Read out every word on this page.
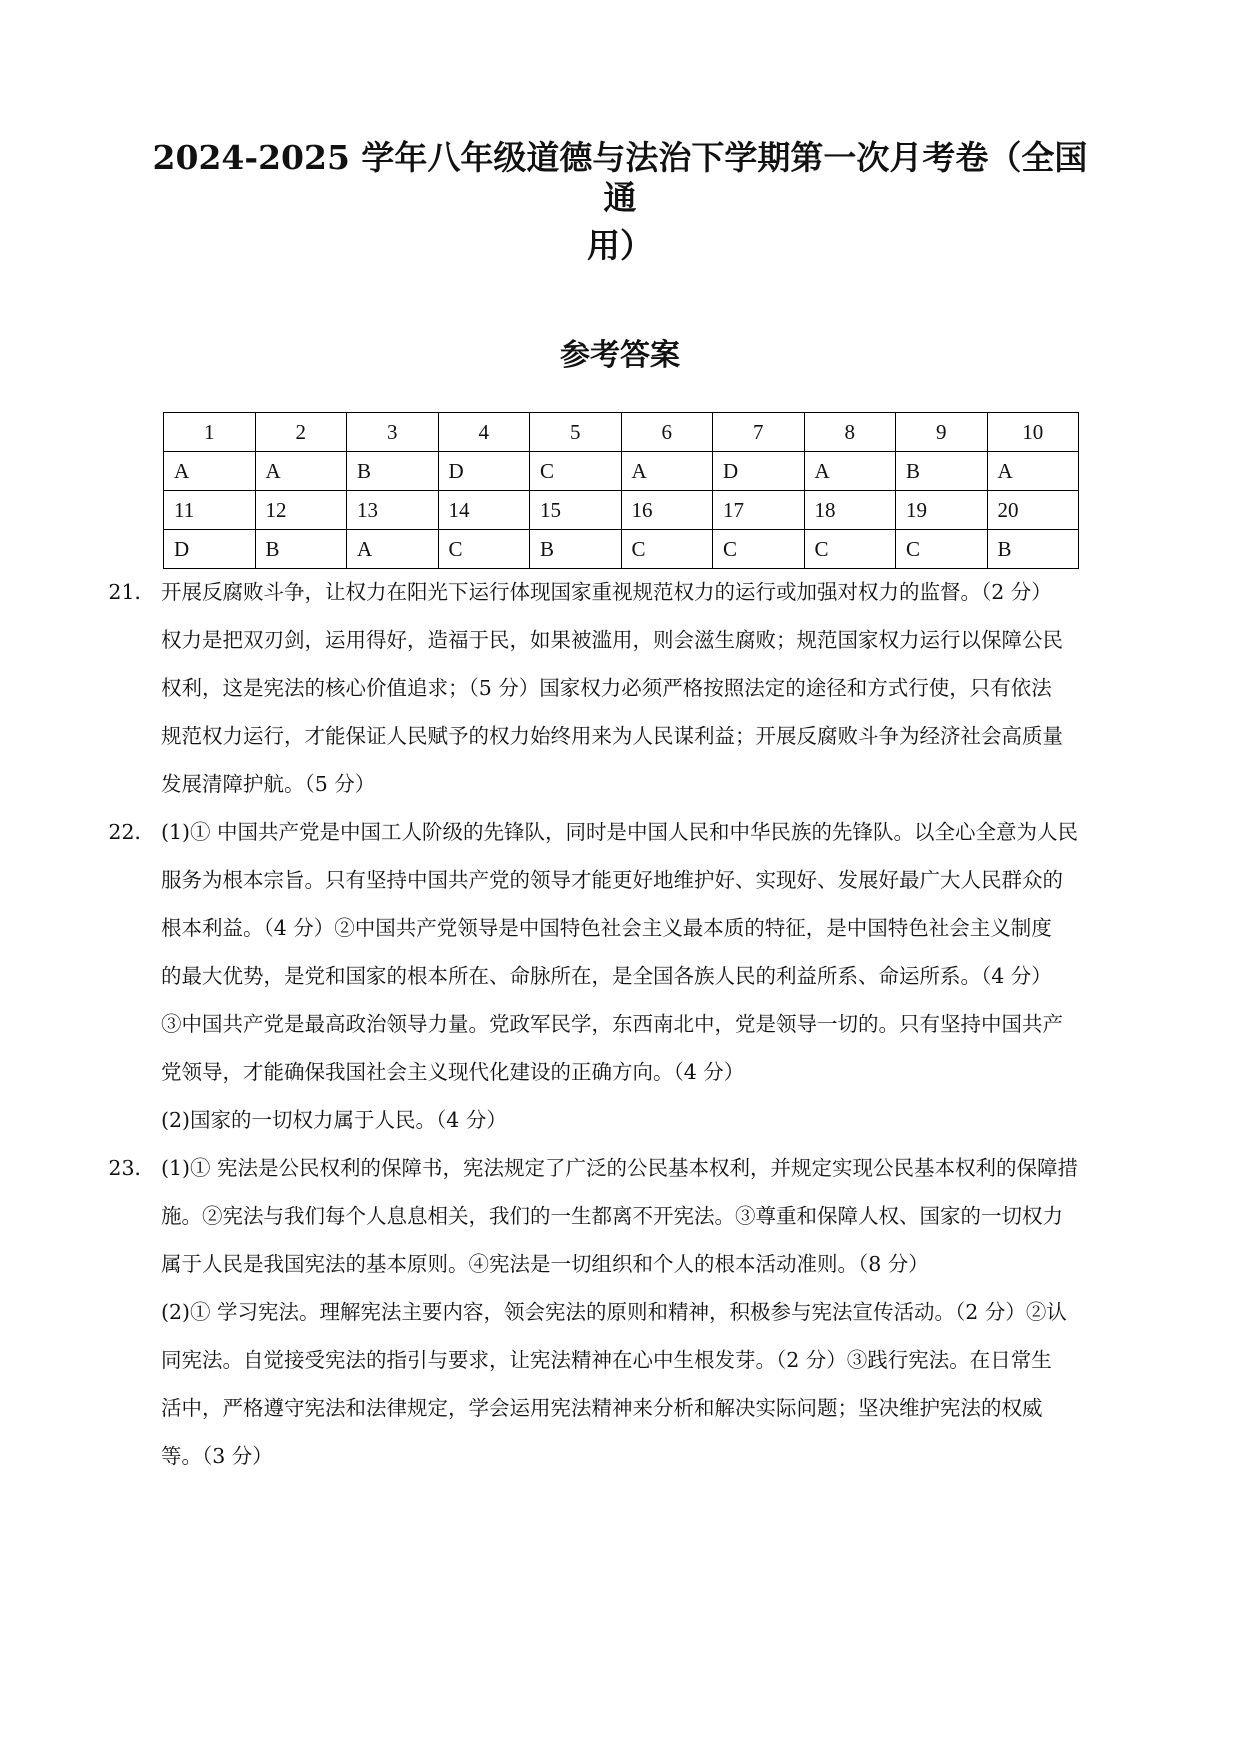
2024-2025 学年八年级道德与法治下学期第一次月考卷（全国通
用）
参考答案
1	2	3	4	5	6	7	8	9	10
A	A	B	D	C	A	D	A	B	A
11	12	13	14	15	16	17	18	19	20
D	B	A	C	B	C	C	C	C	B
21． 开展反腐败斗争，让权力在阳光下运行体现国家重视规范权力的运行或加强对权力的监督。（2 分）
权力是把双刃剑，运用得好，造福于民，如果被滥用，则会滋生腐败；规范国家权力运行以保障公民
权利，这是宪法的核心价值追求；（5 分）国家权力必须严格按照法定的途径和方式行使，只有依法
规范权力运行，才能保证人民赋予的权力始终用来为人民谋利益；开展反腐败斗争为经济社会高质量
发展清障护航。（5 分）
22． (1)① 中国共产党是中国工人阶级的先锋队，同时是中国人民和中华民族的先锋队。以全心全意为人民
服务为根本宗旨。只有坚持中国共产党的领导才能更好地维护好、实现好、发展好最广大人民群众的
根本利益。（4 分）②中国共产党领导是中国特色社会主义最本质的特征，是中国特色社会主义制度
的最大优势，是党和国家的根本所在、命脉所在，是全国各族人民的利益所系、命运所系。（4 分）
③中国共产党是最高政治领导力量。党政军民学，东西南北中，党是领导一切的。只有坚持中国共产
党领导，才能确保我国社会主义现代化建设的正确方向。（4 分）
(2)国家的一切权力属于人民。（4 分）
23． (1)① 宪法是公民权利的保障书，宪法规定了广泛的公民基本权利，并规定实现公民基本权利的保障措
施。②宪法与我们每个人息息相关，我们的一生都离不开宪法。③尊重和保障人权、国家的一切权力
属于人民是我国宪法的基本原则。④宪法是一切组织和个人的根本活动准则。（8 分）
(2)① 学习宪法。理解宪法主要内容，领会宪法的原则和精神，积极参与宪法宣传活动。（2 分）②认
同宪法。自觉接受宪法的指引与要求，让宪法精神在心中生根发芽。（2 分）③践行宪法。在日常生
活中，严格遵守宪法和法律规定，学会运用宪法精神来分析和解决实际问题；坚决维护宪法的权威
等。（3 分）
